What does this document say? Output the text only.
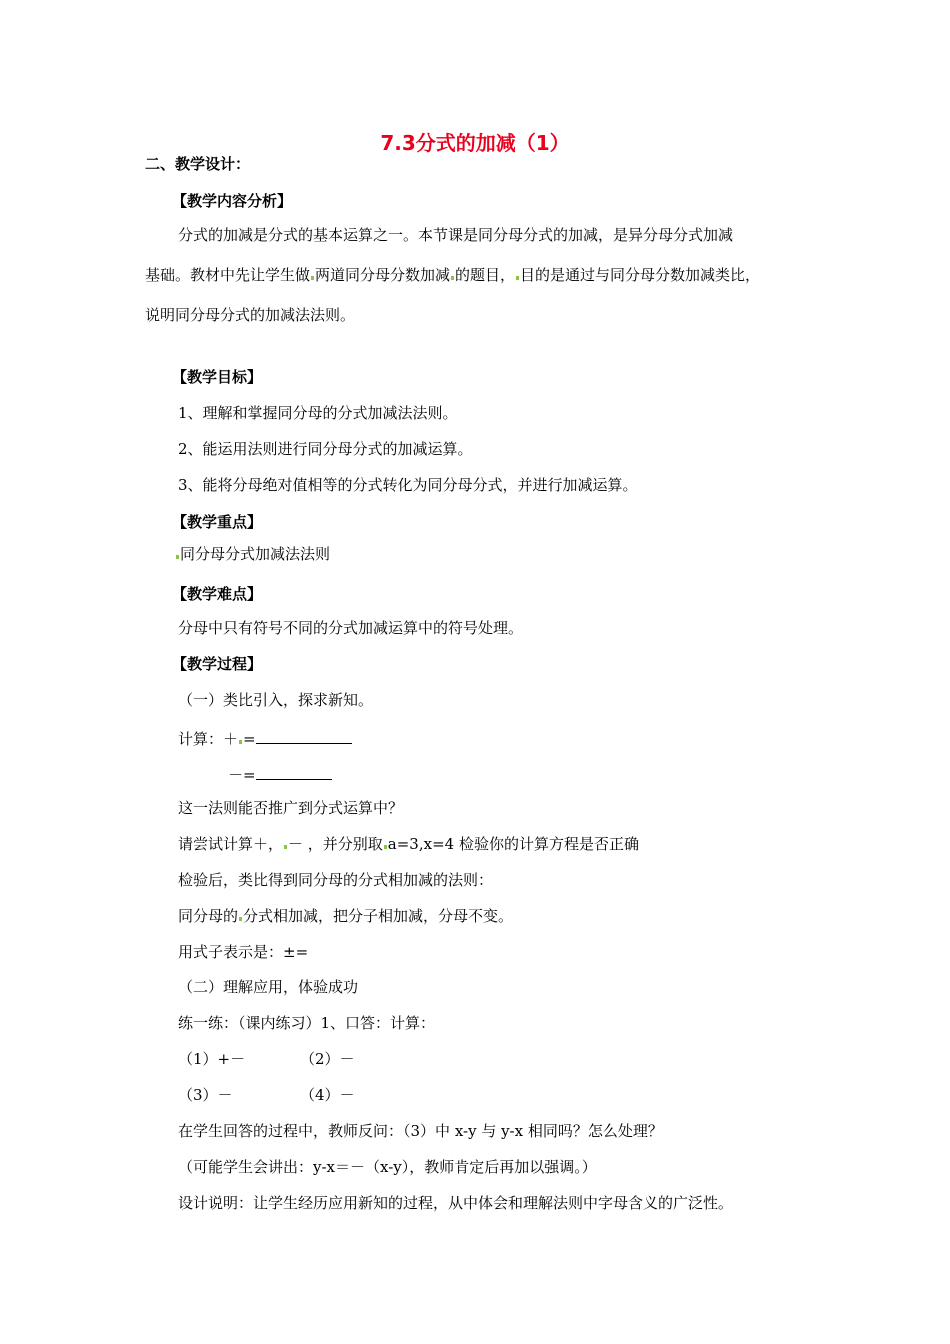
7.3分式的加减（1）
二、教学设计：
【教学内容分析】
分式的加减是分式的基本运算之一。本节课是同分母分式的加减，是异分母分式加减
基础。教材中先让学生做 两道同分母分数加减 的题目， 目的是通过与同分母分数加减类比，
说明同分母分式的加减法法则。
【教学目标】
1、理解和掌握同分母的分式加减法法则。
2、能运用法则进行同分母分式的加减运算。
3、能将分母绝对值相等的分式转化为同分母分式，并进行加减运算。
【教学重点】
同分母分式加减法法则
【教学难点】
分母中只有符号不同的分式加减运算中的符号处理。
【教学过程】
（一）类比引入，探求新知。
计算：＋ =
－=
这一法则能否推广到分式运算中？
请尝试计算＋， － ，并分别取 a=3,x=4 检验你的计算方程是否正确
检验后，类比得到同分母的分式相加减的法则：
同分母的 分式相加减，把分子相加减，分母不变。
用式子表示是：±=
（二）理解应用，体验成功
练一练：（课内练习）1、口答：计算：
（1）+－	（2）－
（3）－	（4）－
在学生回答的过程中，教师反问：（3）中 x-y 与 y-x 相同吗？怎么处理？
（可能学生会讲出：y-x＝－（x-y），教师肯定后再加以强调。）
设计说明：让学生经历应用新知的过程，从中体会和理解法则中字母含义的广泛性。
